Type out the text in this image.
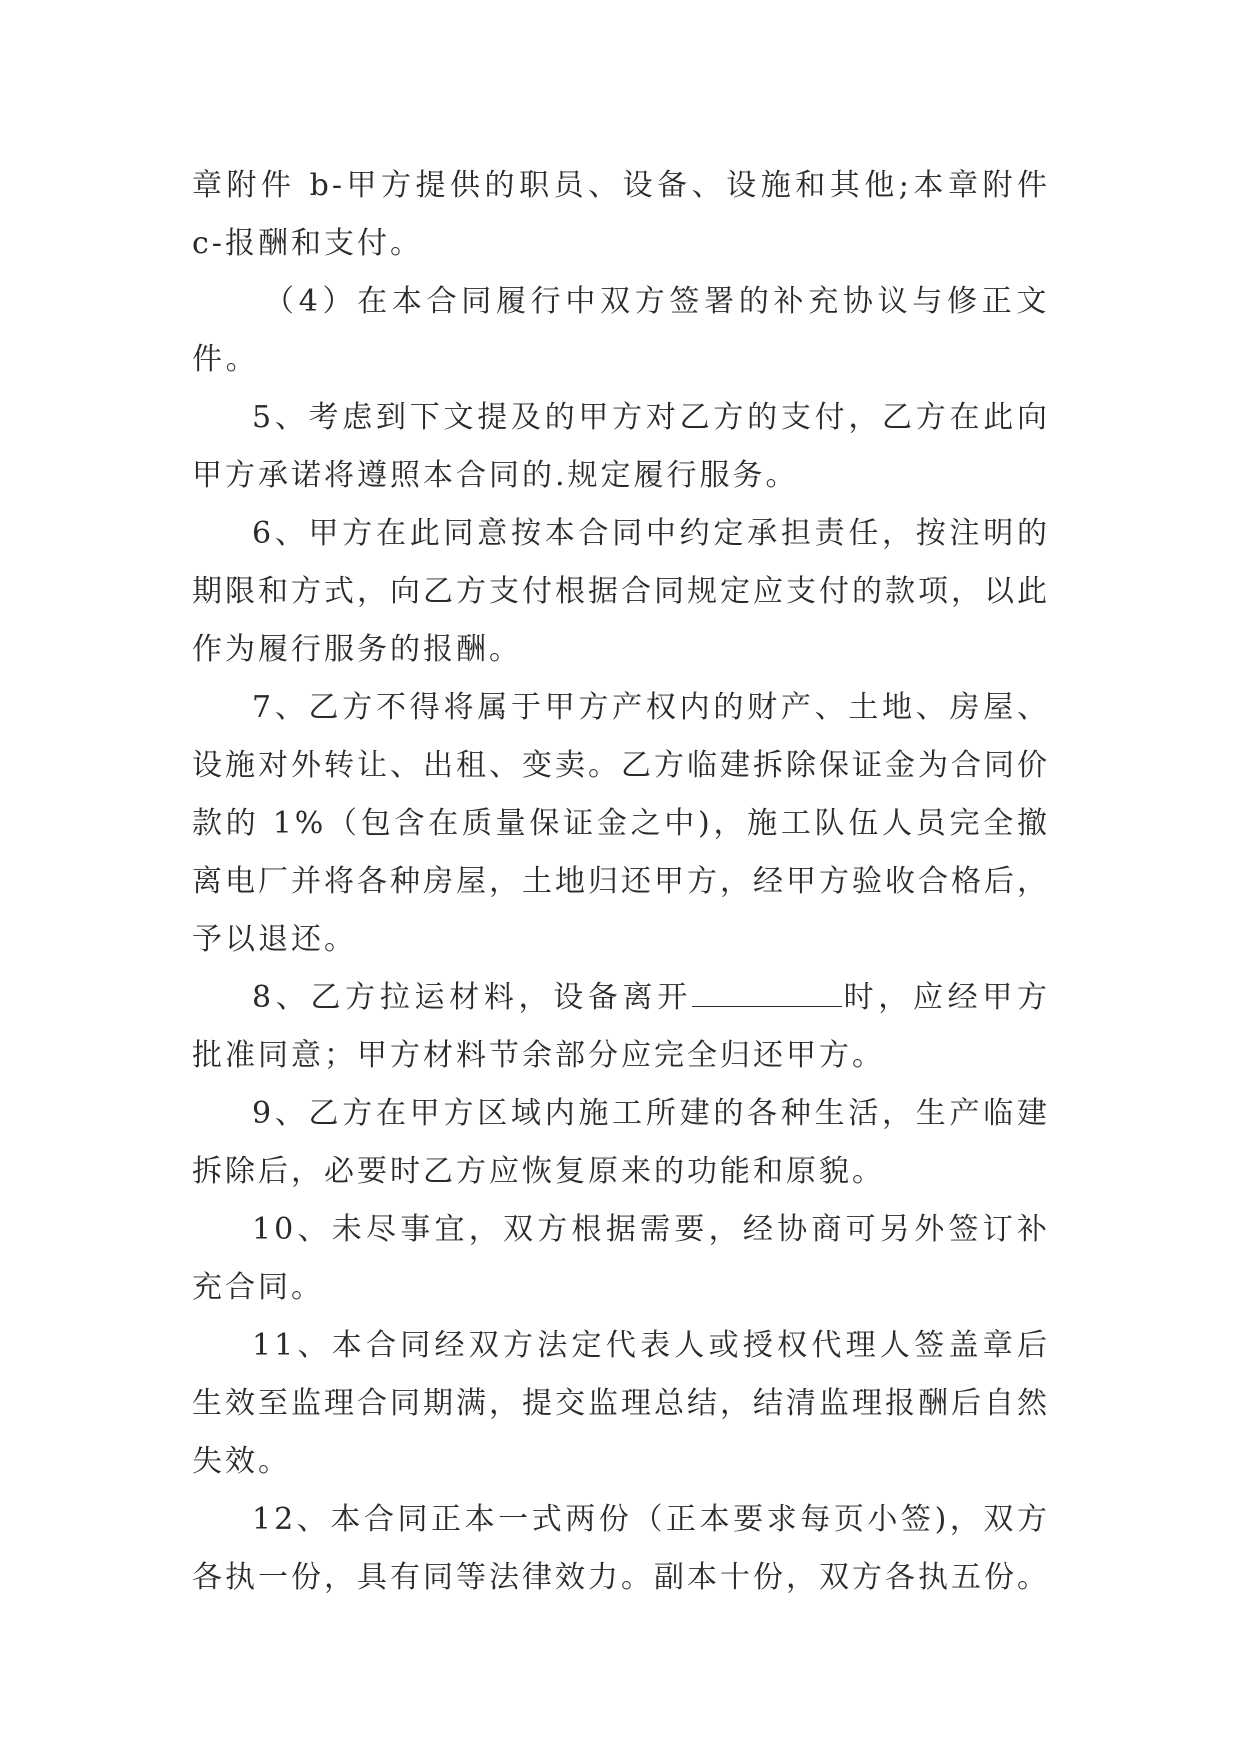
章附件 b-甲方提供的职员、设备、设施和其他;本章附件 c-报酬和支付。

（4）在本合同履行中双方签署的补充协议与修正文件。

5、考虑到下文提及的甲方对乙方的支付，乙方在此向甲方承诺将遵照本合同的.规定履行服务。

6、甲方在此同意按本合同中约定承担责任，按注明的期限和方式，向乙方支付根据合同规定应支付的款项，以此作为履行服务的报酬。

7、乙方不得将属于甲方产权内的财产、土地、房屋、设施对外转让、出租、变卖。乙方临建拆除保证金为合同价款的 1%（包含在质量保证金之中)，施工队伍人员完全撤离电厂并将各种房屋，土地归还甲方，经甲方验收合格后，予以退还。

8、乙方拉运材料，设备离开	时，应经甲方批准同意；甲方材料节余部分应完全归还甲方。

9、乙方在甲方区域内施工所建的各种生活，生产临建拆除后，必要时乙方应恢复原来的功能和原貌。

10、未尽事宜，双方根据需要，经协商可另外签订补充合同。

11、本合同经双方法定代表人或授权代理人签盖章后生效至监理合同期满，提交监理总结，结清监理报酬后自然失效。

12、本合同正本一式两份（正本要求每页小签)，双方各执一份，具有同等法律效力。副本十份，双方各执五份。
